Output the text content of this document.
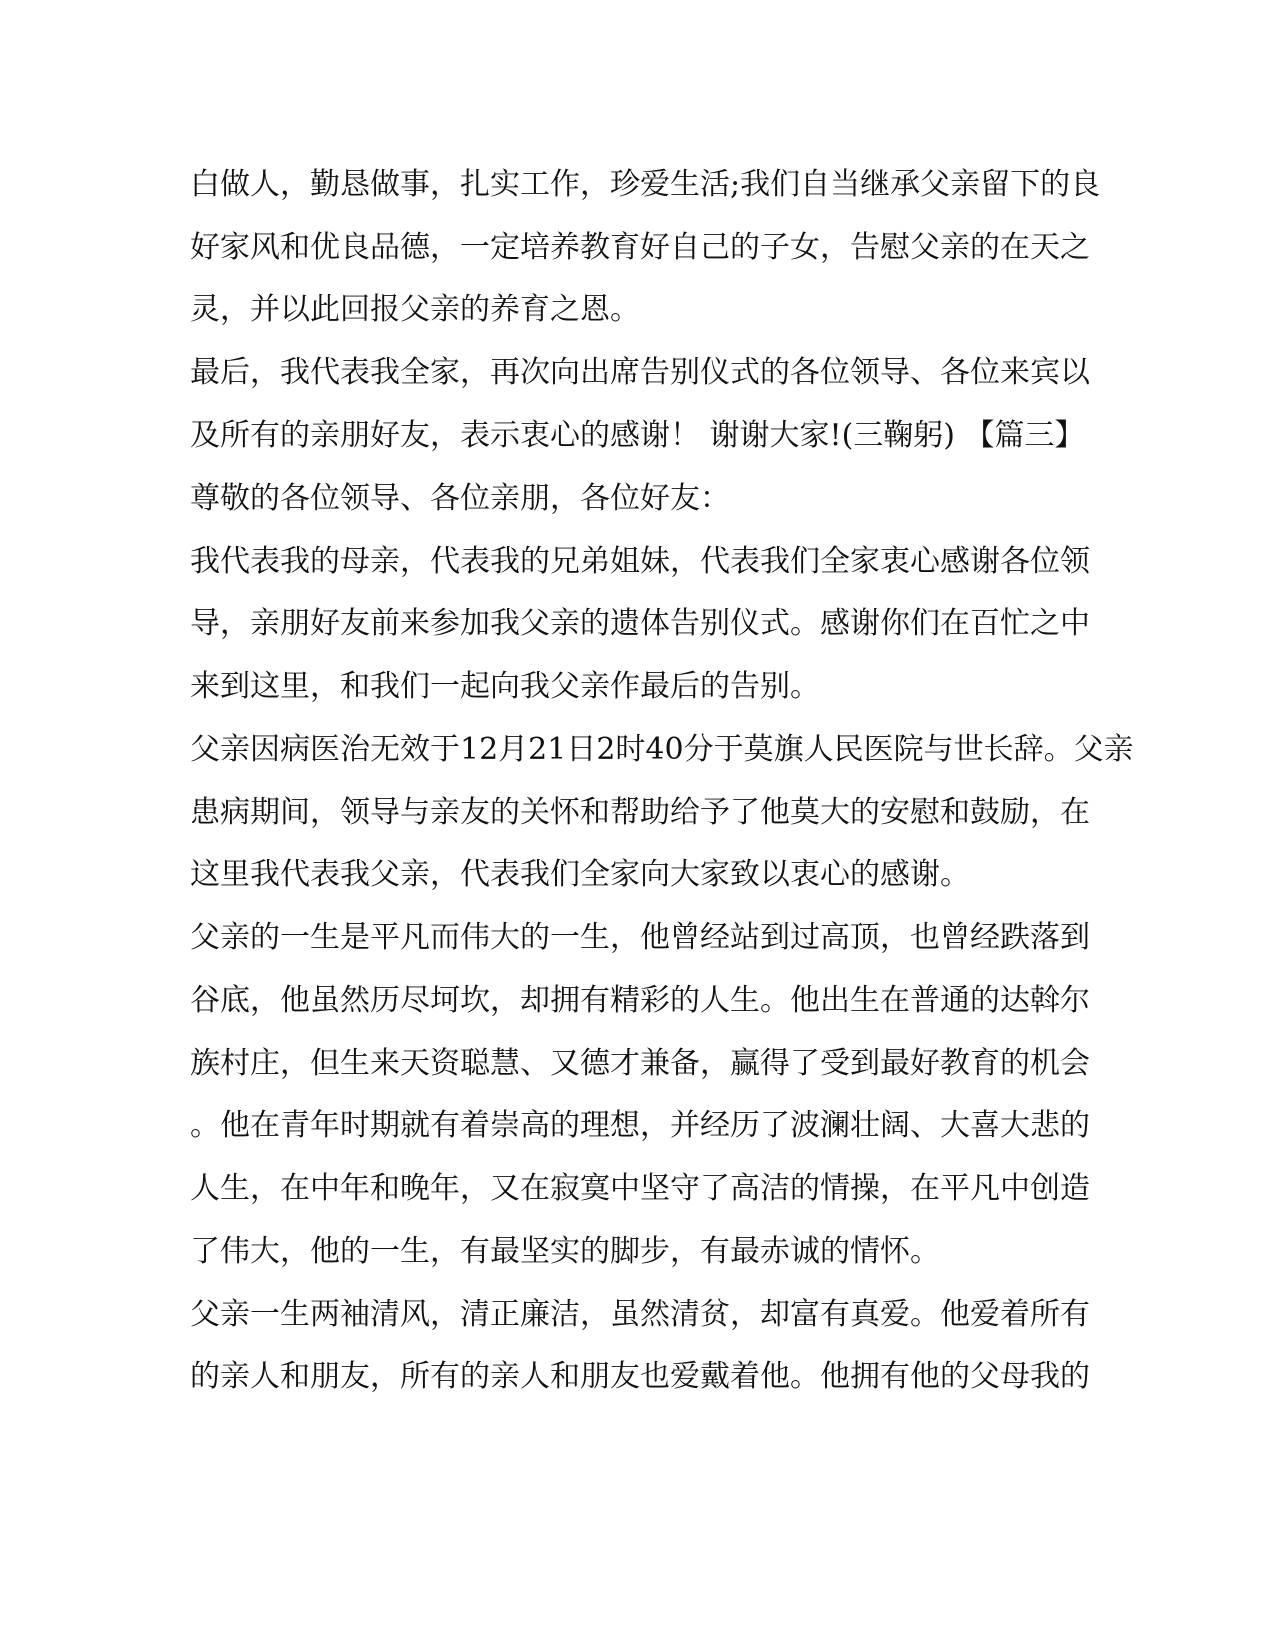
白做人，勤恳做事，扎实工作，珍爱生活;我们自当继承父亲留下的良
好家风和优良品德，一定培养教育好自己的子女，告慰父亲的在天之
灵，并以此回报父亲的养育之恩。
最后，我代表我全家，再次向出席告别仪式的各位领导、各位来宾以
及所有的亲朋好友，表示衷心的感谢！ 谢谢大家!(三鞠躬) 【篇三】
尊敬的各位领导、各位亲朋，各位好友：
我代表我的母亲，代表我的兄弟姐妹，代表我们全家衷心感谢各位领
导，亲朋好友前来参加我父亲的遗体告别仪式。感谢你们在百忙之中
来到这里，和我们一起向我父亲作最后的告别。
父亲因病医治无效于12月21日2时40分于莫旗人民医院与世长辞。父亲
患病期间，领导与亲友的关怀和帮助给予了他莫大的安慰和鼓励，在
这里我代表我父亲，代表我们全家向大家致以衷心的感谢。
父亲的一生是平凡而伟大的一生，他曾经站到过高顶，也曾经跌落到
谷底，他虽然历尽坷坎，却拥有精彩的人生。他出生在普通的达斡尔
族村庄，但生来天资聪慧、又德才兼备，赢得了受到最好教育的机会
。他在青年时期就有着崇高的理想，并经历了波澜壮阔、大喜大悲的
人生，在中年和晚年，又在寂寞中坚守了高洁的情操，在平凡中创造
了伟大，他的一生，有最坚实的脚步，有最赤诚的情怀。
父亲一生两袖清风，清正廉洁，虽然清贫，却富有真爱。他爱着所有
的亲人和朋友，所有的亲人和朋友也爱戴着他。他拥有他的父母我的
